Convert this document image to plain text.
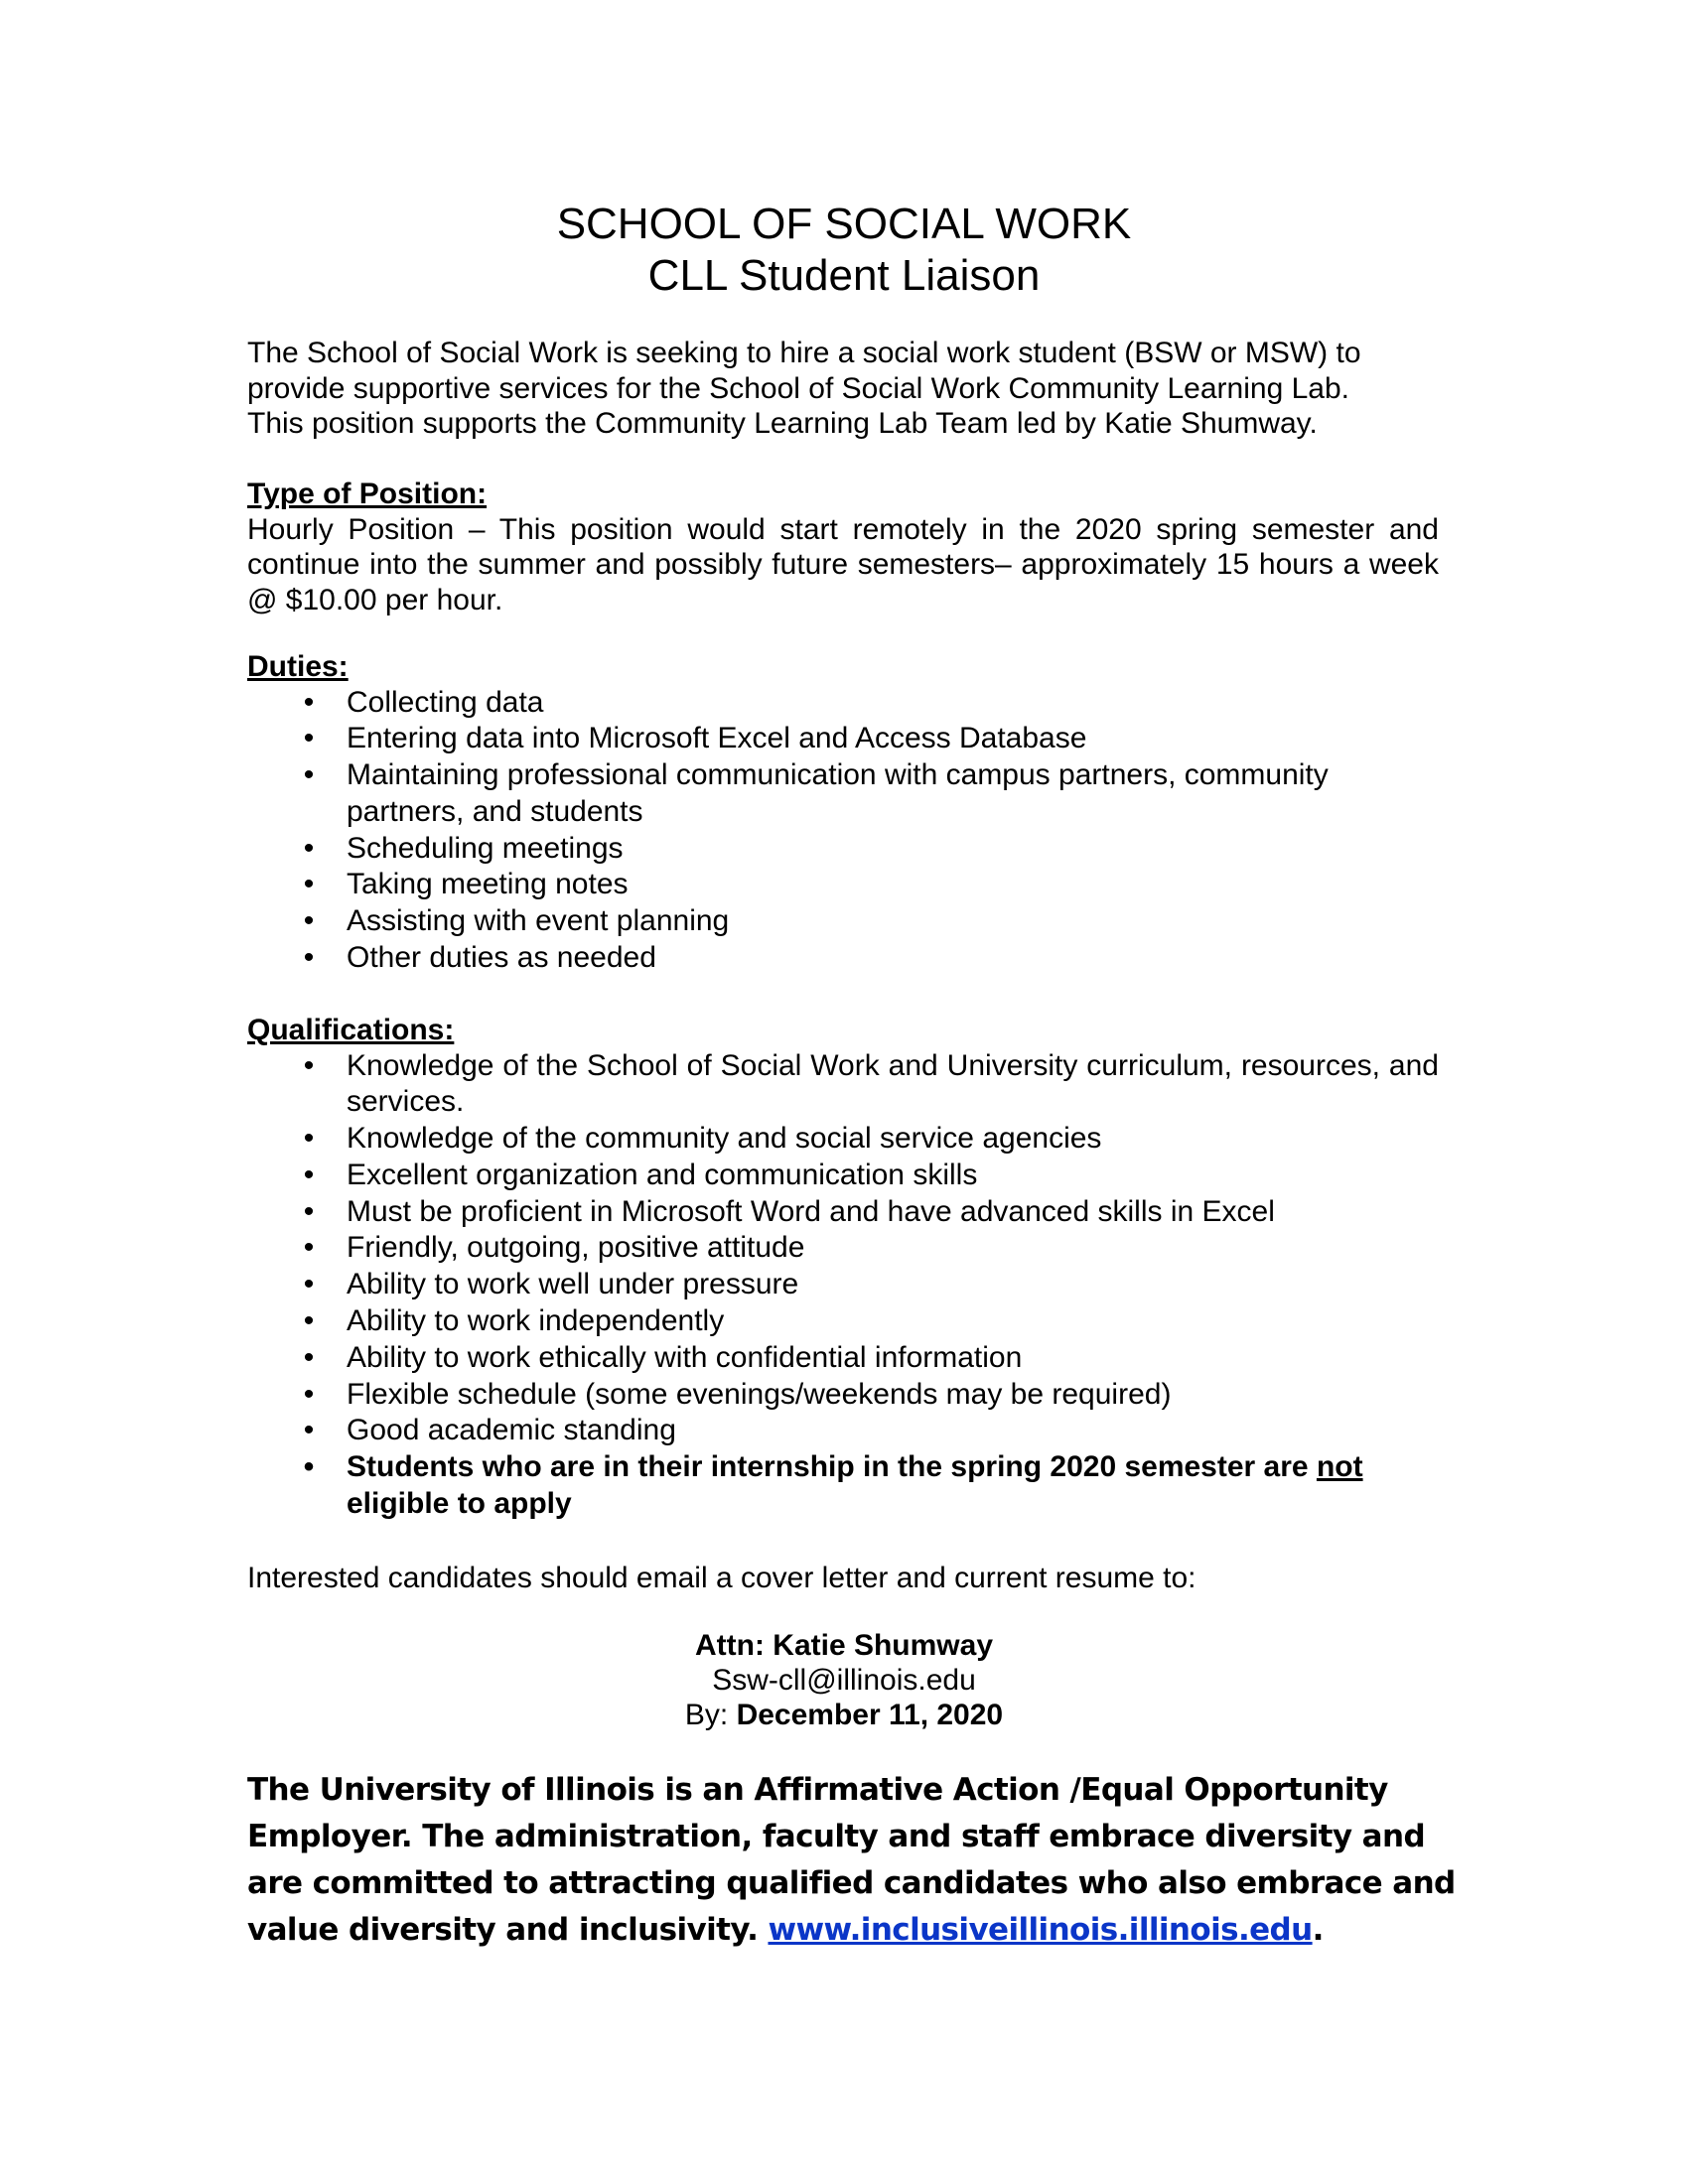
SCHOOL OF SOCIAL WORK
CLL Student Liaison

The School of Social Work is seeking to hire a social work student (BSW or MSW) to

provide supportive services for the School of Social Work Community Learning Lab.

This position supports the Community Learning Lab Team led by Katie Shumway.

Type of Position:

Hourly Position – This position would start remotely in the 2020 spring semester and continue into the summer and possibly future semesters– approximately 15 hours a week @ $10.00 per hour.

Duties:

• Collecting data
• Entering data into Microsoft Excel and Access Database
• Maintaining professional communication with campus partners, community partners, and students
• Scheduling meetings
• Taking meeting notes
• Assisting with event planning
• Other duties as needed

Qualifications:

• Knowledge of the School of Social Work and University curriculum, resources, and services.
• Knowledge of the community and social service agencies
• Excellent organization and communication skills
• Must be proficient in Microsoft Word and have advanced skills in Excel
• Friendly, outgoing, positive attitude
• Ability to work well under pressure
• Ability to work independently
• Ability to work ethically with confidential information
• Flexible schedule (some evenings/weekends may be required)
• Good academic standing
• Students who are in their internship in the spring 2020 semester are not
eligible to apply
Interested candidates should email a cover letter and current resume to:
Attn: Katie Shumway
Ssw-cll@illinois.edu
By: December 11, 2020
The University of Illinois is an Affirmative Action /Equal Opportunity Employer. The administration, faculty and staff embrace diversity and are committed to attracting qualified candidates who also embrace and value diversity and inclusivity. www.inclusiveillinois.illinois.edu.
